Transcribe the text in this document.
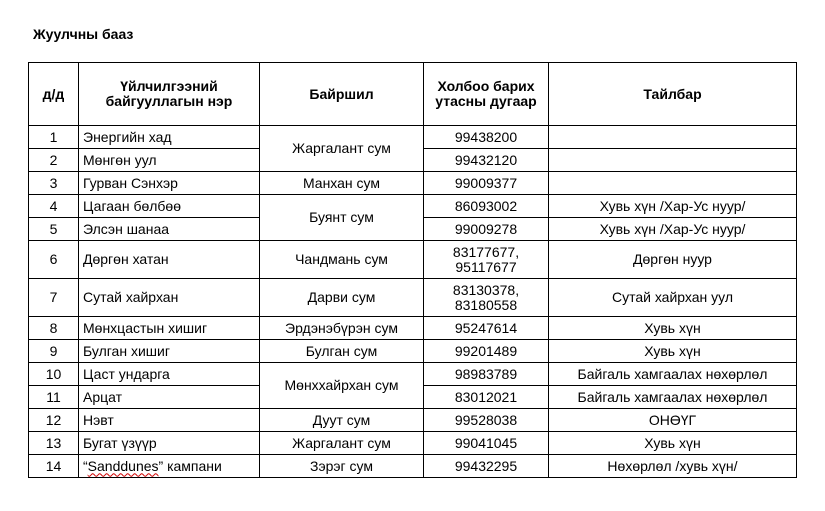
Жуулчны бааз
д/д	Үйлчилгээний байгууллагын нэр	Байршил	Холбоо барих утасны дугаар	Тайлбар
1	Энергийн хад	Жаргалант сум	99438200	

2	Мөнгөн уул		99432120	

3	Гурван Сэнхэр	Манхан сум	99009377	

4	Цагаан бөлбөө	Буянт сум	86093002	Хувь хүн /Хар-Ус нуур/
5	Элсэн шанаа		99009278	Хувь хүн /Хар-Ус нуур/
6	Дөргөн хатан	Чандмань сум	83177677,
95117677	Дөргөн нуур
7	Сутай хайрхан	Дарви сум	83130378,
83180558	Сутай хайрхан уул
8	Мөнхцастын хишиг	Эрдэнэбүрэн сум	95247614	Хувь хүн
9	Булган хишиг	Булган сум	99201489	Хувь хүн
10	Цаст ундарга	Мөнххайрхан сум	98983789	Байгаль хамгаалах нөхөрлөл
11	Арцат		83012021	Байгаль хамгаалах нөхөрлөл
12	Нэвт	Дуут сум	99528038	ОНӨҮГ
13	Бугат үзүүр	Жаргалант сум	99041045	Хувь хүн
14	“Sanddunes” кампани	Зэрэг сум	99432295	Нөхөрлөл /хувь хүн/
